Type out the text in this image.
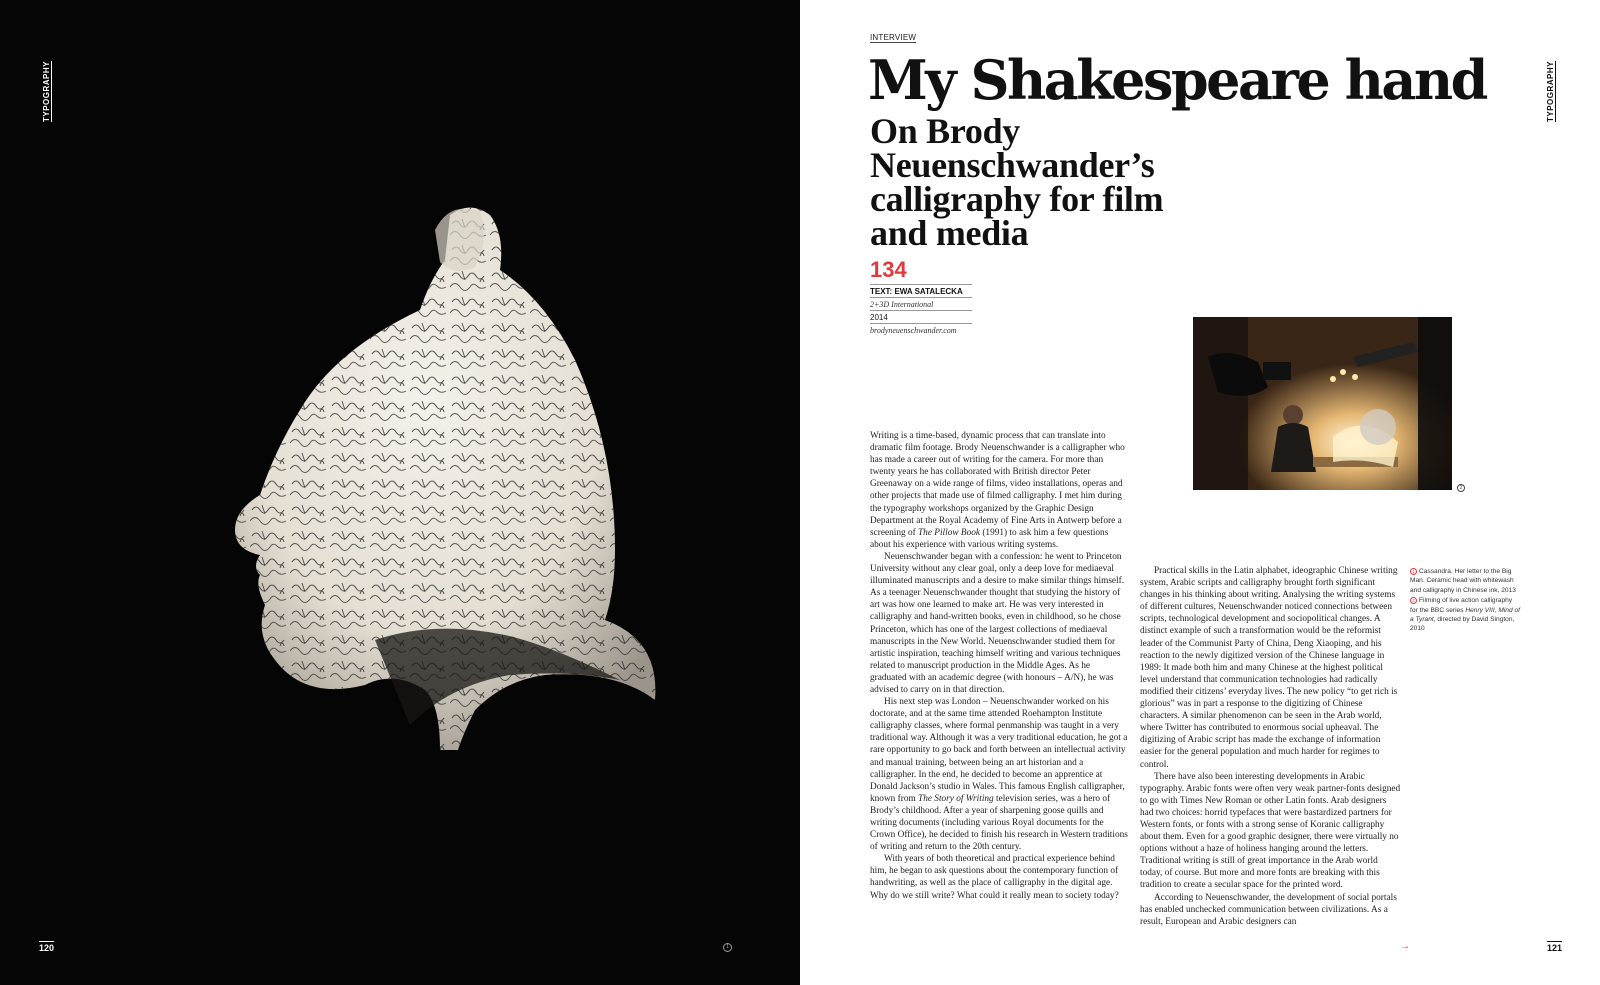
TYPOGRAPHY
120	1
TYPOGRAPHY
INTERVIEW
My Shakespeare hand
On Brody Neuenschwander’s calligraphy for film and media
134
TEXT: EWA SATALECKA
2+3D International
2014
brodyneuenschwander.com
2

Writing is a time-based, dynamic process that can translate into dramatic film footage. Brody Neuenschwander is a calligrapher who has made a career out of writing for the camera. For more than twenty years he has collaborated with British director Peter Greenaway on a wide range of films, video installations, operas and other projects that made use of filmed calligraphy. I met him during the typography workshops organized by the Graphic Design Department at the Royal Academy of Fine Arts in Antwerp before a screening of The Pillow Book (1991) to ask him a few questions about his experience with various writing systems.

Neuenschwander began with a confession: he went to Princeton University without any clear goal, only a deep love for mediaeval illuminated manuscripts and a desire to make similar things himself. As a teenager Neuenschwander thought that studying the history of art was how one learned to make art. He was very interested in calligraphy and hand-written books, even in childhood, so he chose Princeton, which has one of the largest collections of mediaeval manuscripts in the New World. Neuenschwander studied them for artistic inspiration, teaching himself writing and various techniques related to manuscript production in the Middle Ages. As he graduated with an academic degree (with honours – A/N), he was advised to carry on in that direction.

His next step was London – Neuenschwander worked on his doctorate, and at the same time attended Roehampton Institute calligraphy classes, where formal penmanship was taught in a very traditional way. Although it was a very traditional education, he got a rare opportunity to go back and forth between an intellectual activity and manual training, between being an art historian and a calligrapher. In the end, he decided to become an apprentice at Donald Jackson’s studio in Wales. This famous English calligrapher, known from The Story of Writing television series, was a hero of Brody’s childhood. After a year of sharpening goose quills and writing documents (including various Royal documents for the Crown Office), he decided to finish his research in Western traditions of writing and return to the 20th century.

With years of both theoretical and practical experience behind him, he began to ask questions about the contemporary function of handwriting, as well as the place of calligraphy in the digital age. Why do we still write? What could it really mean to society today?

Practical skills in the Latin alphabet, ideographic Chinese writing system, Arabic scripts and calligraphy brought forth significant changes in his thinking about writing. Analysing the writing systems of different cultures, Neuenschwander noticed connections between scripts, technological development and sociopolitical changes. A distinct example of such a transformation would be the reformist leader of the Communist Party of China, Deng Xiaoping, and his reaction to the newly digitized version of the Chinese language in 1989: It made both him and many Chinese at the highest political level understand that communication technologies had radically modified their citizens’ everyday lives. The new policy “to get rich is glorious” was in part a response to the digitizing of Chinese characters. A similar phenomenon can be seen in the Arab world, where Twitter has contributed to enormous social upheaval. The digitizing of Arabic script has made the exchange of information easier for the general population and much harder for regimes to control.

There have also been interesting developments in Arabic typography. Arabic fonts were often very weak partner-fonts designed to go with Times New Roman or other Latin fonts. Arab designers had two choices: horrid typefaces that were bastardized partners for Western fonts, or fonts with a strong sense of Koranic calligraphy about them. Even for a good graphic designer, there were virtually no options without a haze of holiness hanging around the letters. Traditional writing is still of great importance in the Arab world today, of course. But more and more fonts are breaking with this tradition to create a secular space for the printed word.

According to Neuenschwander, the development of social portals has enabled unchecked communication between civilizations. As a result, European and Arabic designers can

1 Cassandra. Her letter to the Big Man. Ceramic head with whitewash and calligraphy in Chinese ink, 2013
2 Filming of live action calligraphy for the BBC series Henry VIII, Mind of a Tyrant, directed by David Sington, 2010
→	121
